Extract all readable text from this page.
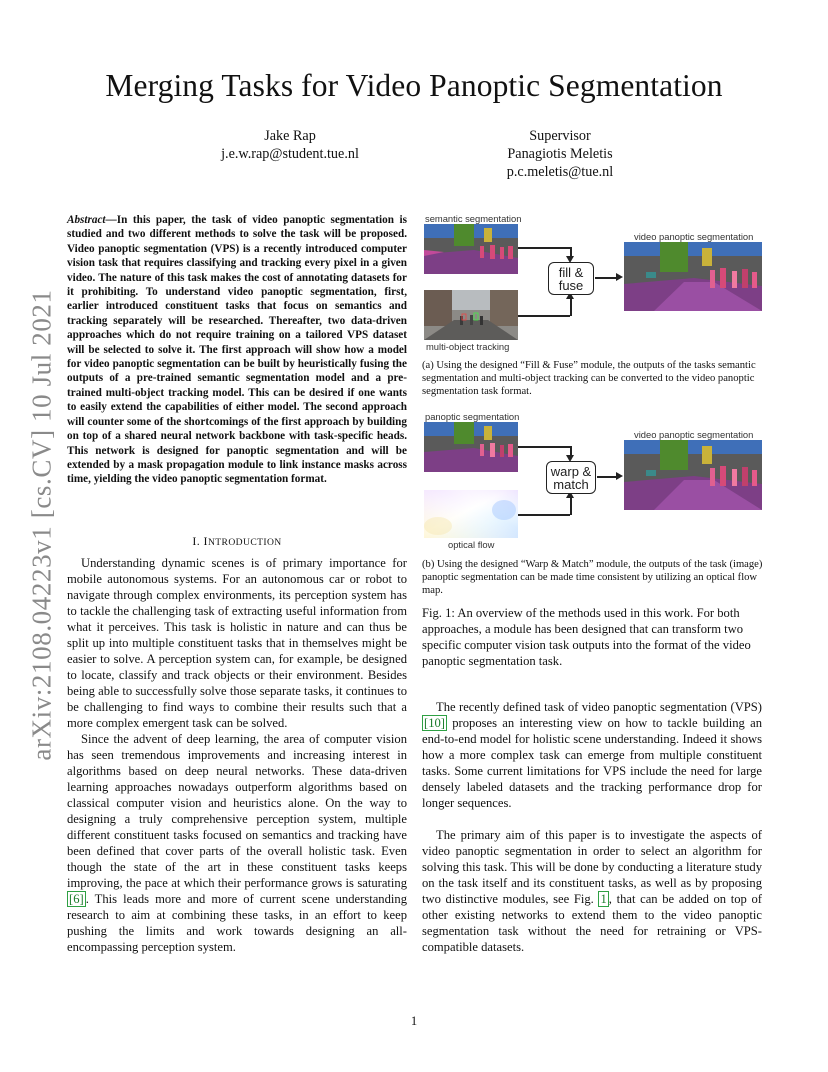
Merging Tasks for Video Panoptic Segmentation
Jake Rap
j.e.w.rap@student.tue.nl
Supervisor
Panagiotis Meletis
p.c.meletis@tue.nl
arXiv:2108.04223v1 [cs.CV] 10 Jul 2021
Abstract—In this paper, the task of video panoptic segmentation is studied and two different methods to solve the task will be proposed. Video panoptic segmentation (VPS) is a recently introduced computer vision task that requires classifying and tracking every pixel in a given video. The nature of this task makes the cost of annotating datasets for it prohibiting. To understand video panoptic segmentation, first, earlier introduced constituent tasks that focus on semantics and tracking separately will be researched. Thereafter, two data-driven approaches which do not require training on a tailored VPS dataset will be selected to solve it. The first approach will show how a model for video panoptic segmentation can be built by heuristically fusing the outputs of a pre-trained semantic segmentation model and a pre-trained multi-object tracking model. This can be desired if one wants to easily extend the capabilities of either model. The second approach will counter some of the shortcomings of the first approach by building on top of a shared neural network backbone with task-specific heads. This network is designed for panoptic segmentation and will be extended by a mask propagation module to link instance masks across time, yielding the video panoptic segmentation format.
I. INTRODUCTION

Understanding dynamic scenes is of primary importance for mobile autonomous systems. For an autonomous car or robot to navigate through complex environments, its perception system has to tackle the challenging task of extracting useful information from what it perceives. This task is holistic in nature and can thus be split up into multiple constituent tasks that in themselves might be easier to solve. A perception system can, for example, be designed to locate, classify and track objects or their environment. Besides being able to successfully solve those separate tasks, it continues to be challenging to find ways to combine their results such that a more complex emergent task can be solved.

Since the advent of deep learning, the area of computer vision has seen tremendous improvements and increasing interest in algorithms based on deep neural networks. These data-driven learning approaches nowadays outperform algorithms based on classical computer vision and heuristics alone. On the way to designing a truly comprehensive perception system, multiple different constituent tasks focused on semantics and tracking have been defined that cover parts of the overall holistic task. Even though the state of the art in these constituent tasks keeps improving, the pace at which their performance grows is saturating [6] . This leads more and more of current scene understanding research to aim at combining these tasks, in an effort to keep pushing the limits and work towards designing an all-encompassing perception system.

semantic segmentation
multi-object tracking
fill &
fuse
video panoptic segmentation
(a) Using the designed “Fill & Fuse” module, the outputs of the tasks semantic segmentation and multi-object tracking can be converted to the video panoptic segmentation task format.
panoptic segmentation
optical flow
warp &
match
video panoptic segmentation
(b) Using the designed “Warp & Match” module, the outputs of the task (image) panoptic segmentation can be made time consistent by utilizing an optical flow map.
Fig. 1: An overview of the methods used in this work. For both approaches, a module has been designed that can transform two specific computer vision task outputs into the format of the video panoptic segmentation task.

The recently defined task of video panoptic segmentation (VPS) [10] proposes an interesting view on how to tackle building an end-to-end model for holistic scene understanding. Indeed it shows how a more complex task can emerge from multiple constituent tasks. Some current limitations for VPS include the need for large densely labeled datasets and the tracking performance drop for longer sequences.

The primary aim of this paper is to investigate the aspects of video panoptic segmentation in order to select an algorithm for solving this task. This will be done by conducting a literature study on the task itself and its constituent tasks, as well as by proposing two distinctive modules, see Fig. 1 , that can be added on top of other existing networks to extend them to the video panoptic segmentation task without the need for retraining or VPS-compatible datasets.

1
